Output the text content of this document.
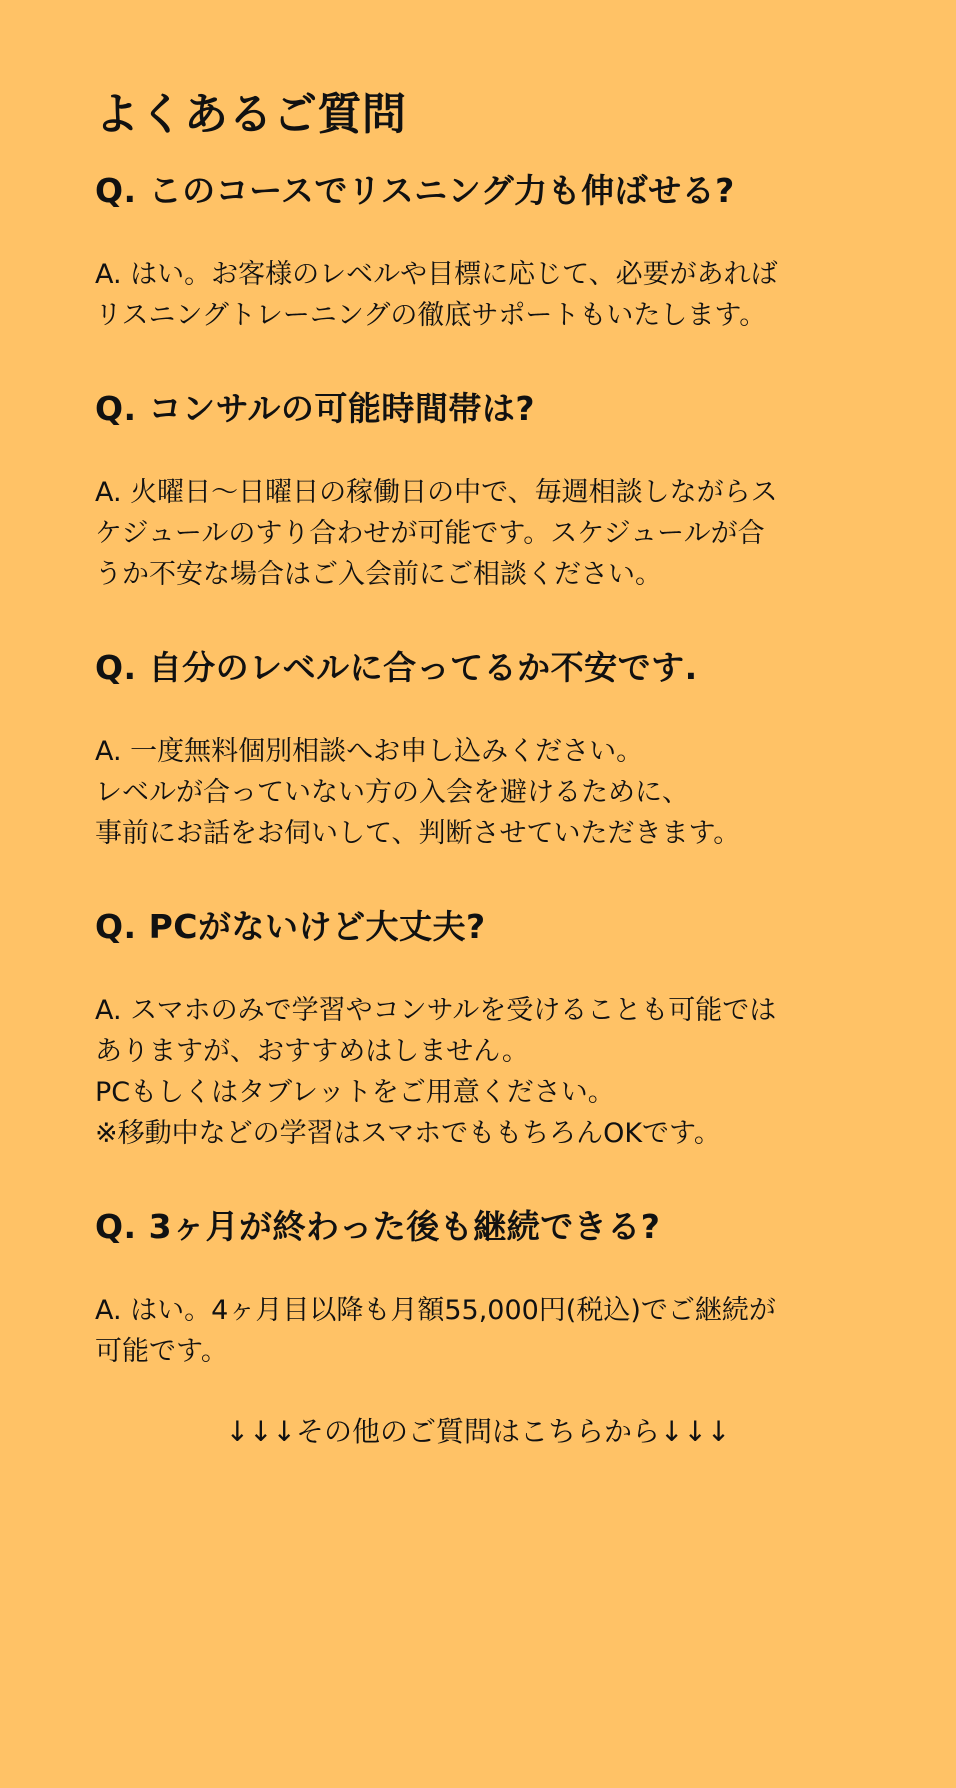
よくあるご質問
Q. このコースでリスニング力も伸ばせる?

A. はい。お客様のレベルや目標に応じて、必要があれば
リスニングトレーニングの徹底サポートもいたします。

Q. コンサルの可能時間帯は?

A. 火曜日〜日曜日の稼働日の中で、毎週相談しながらス
ケジュールのすり合わせが可能です。スケジュールが合
うか不安な場合はご入会前にご相談ください。

Q. 自分のレベルに合ってるか不安です.

A. 一度無料個別相談へお申し込みください。
レベルが合っていない方の入会を避けるために、
事前にお話をお伺いして、判断させていただきます。

Q. PCがないけど大丈夫?

A. スマホのみで学習やコンサルを受けることも可能では
ありますが、おすすめはしません。
PCもしくはタブレットをご用意ください。
※移動中などの学習はスマホでももちろんOKです。

Q. 3ヶ月が終わった後も継続できる?

A. はい。4ヶ月目以降も月額55,000円(税込)でご継続が
可能です。

↓↓↓その他のご質問はこちらから↓↓↓
